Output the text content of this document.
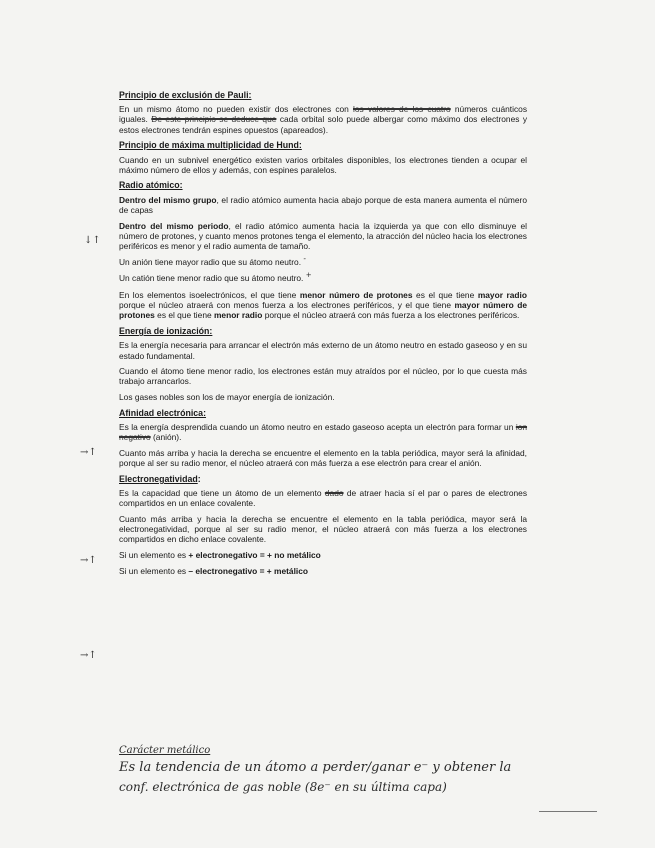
Principio de exclusión de Pauli:

En un mismo átomo no pueden existir dos electrones con los valores de los cuatro números cuánticos iguales. De este principio se deduce que cada orbital solo puede albergar como máximo dos electrones y estos electrones tendrán espines opuestos (apareados).

Principio de máxima multiplicidad de Hund:

Cuando en un subnivel energético existen varios orbitales disponibles, los electrones tienden a ocupar el máximo número de ellos y además, con espines paralelos.

Radio atómico:

Dentro del mismo grupo, el radio atómico aumenta hacia abajo porque de esta manera aumenta el número de capas

Dentro del mismo periodo, el radio atómico aumenta hacia la izquierda ya que con ello disminuye el número de protones, y cuanto menos protones tenga el elemento, la atracción del núcleo hacia los electrones periféricos es menor y el radio aumenta de tamaño.

Un anión tiene mayor radio que su átomo neutro. -

Un catión tiene menor radio que su átomo neutro. +

En los elementos isoelectrónicos, el que tiene menor número de protones es el que tiene mayor radio porque el núcleo atraerá con menos fuerza a los electrones periféricos, y el que tiene mayor número de protones es el que tiene menor radio porque el núcleo atraerá con más fuerza a los electrones periféricos.

Energía de ionización:

Es la energía necesaria para arrancar el electrón más externo de un átomo neutro en estado gaseoso y en su estado fundamental.

Cuando el átomo tiene menor radio, los electrones están muy atraídos por el núcleo, por lo que cuesta más trabajo arrancarlos.

Los gases nobles son los de mayor energía de ionización.

Afinidad electrónica:

Es la energía desprendida cuando un átomo neutro en estado gaseoso acepta un electrón para formar un ion negativo (anión).

Cuanto más arriba y hacia la derecha se encuentre el elemento en la tabla periódica, mayor será la afinidad, porque al ser su radio menor, el núcleo atraerá con más fuerza a ese electrón para crear el anión.

Electronegatividad:

Es la capacidad que tiene un átomo de un elemento dado de atraer hacia sí el par o pares de electrones compartidos en un enlace covalente.

Cuanto más arriba y hacia la derecha se encuentre el elemento en la tabla periódica, mayor será la electronegatividad, porque al ser su radio menor, el núcleo atraerá con más fuerza a los electrones compartidos en dicho enlace covalente.

Si un elemento es + electronegativo = + no metálico

Si un elemento es – electronegativo = + metálico

Carácter metálico
Es la tendencia de un átomo a perder/ganar e⁻ y obtener la
conf. electrónica de gas noble (8e⁻ en su última capa)
↓↑
→↑
→↑
→↑
